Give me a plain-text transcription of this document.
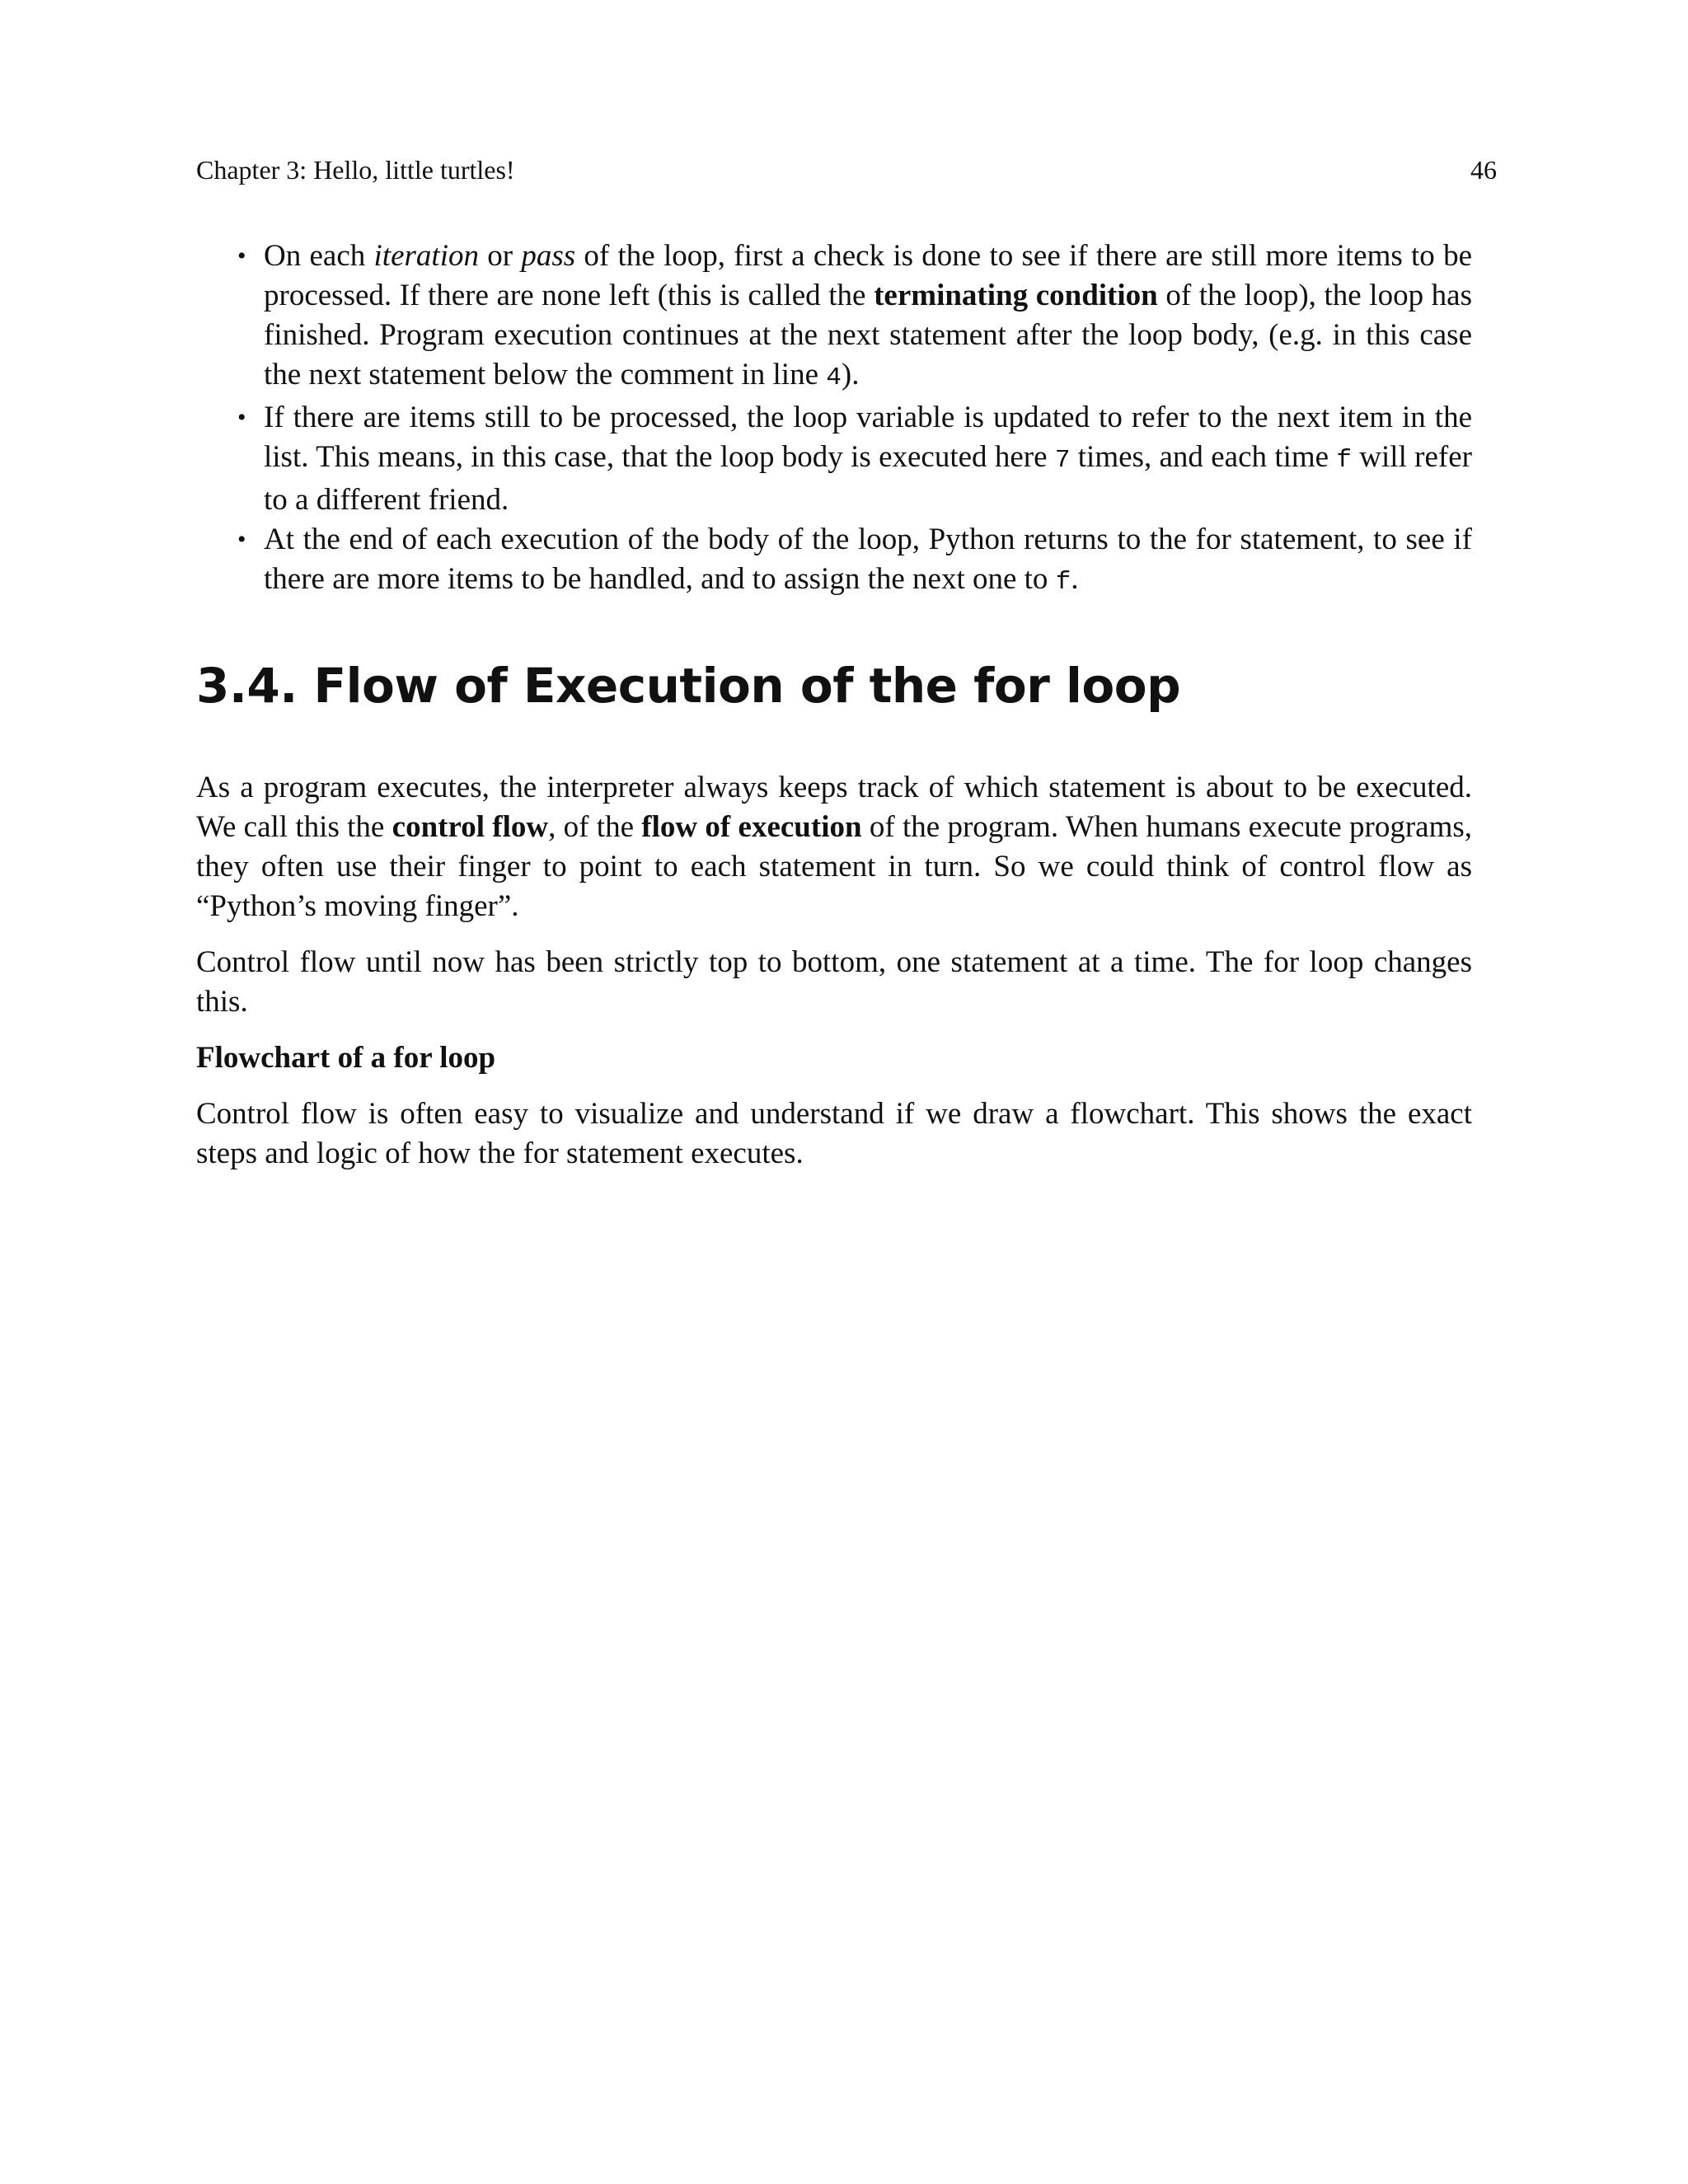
Chapter 3: Hello, little turtles!	46
• On each iteration or pass of the loop, first a check is done to see if there are still more items to be processed. If there are none left (this is called the terminating condition of the loop), the loop has finished. Program execution continues at the next statement after the loop body, (e.g. in this case the next statement below the comment in line 4).
• If there are items still to be processed, the loop variable is updated to refer to the next item in the list. This means, in this case, that the loop body is executed here 7 times, and each time f will refer to a different friend.
• At the end of each execution of the body of the loop, Python returns to the for statement, to see if there are more items to be handled, and to assign the next one to f.
3.4. Flow of Execution of the for loop

As a program executes, the interpreter always keeps track of which statement is about to be executed. We call this the control flow, of the flow of execution of the program. When humans execute programs, they often use their finger to point to each statement in turn. So we could think of control flow as “Python’s moving finger”.

Control flow until now has been strictly top to bottom, one statement at a time. The for loop changes this.

Flowchart of a for loop

Control flow is often easy to visualize and understand if we draw a flowchart. This shows the exact steps and logic of how the for statement executes.
